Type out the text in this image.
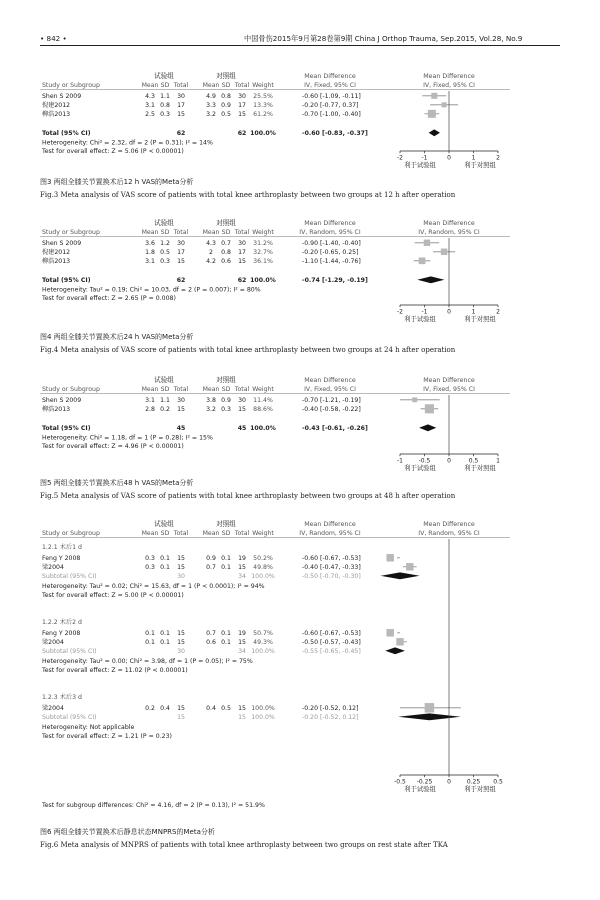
• 842 •	中国骨伤2015年9月第28卷第9期 China J Orthop Trauma, Sep.2015, Vol.28, No.9
试验组	对照组	Mean Difference	Mean Difference
Study or Subgroup	Mean SD Total Mean SD Total Weight	IV, Fixed, 95% CI	IV, Fixed, 95% CI
Shen S 2009	4.3 1.1 30	4.9 0.8 30 25.5%	-0.60 [-1.09, -0.11]
倪建2012	3.1 0.8 17	3.3 0.9 17 13.3%	-0.20 [-0.77, 0.37]
柳浩2013	2.5 0.3 15	3.2 0.5 15 61.2%	-0.70 [-1.00, -0.40]
Total (95% CI)	62	62 100.0%	-0.60 [-0.83, -0.37]
Heterogeneity: Chi² = 2.32, df = 2 (P = 0.31); I² = 14%
Test for overall effect: Z = 5.06 (P < 0.00001)
-2	-1	0	1	2
利于试验组	利于对照组
图3 两组全膝关节置换术后12 h VAS的Meta分析
Fig.3 Meta analysis of VAS score of patients with total knee arthroplasty between two groups at 12 h after operation
试验组	对照组	Mean Difference	Mean Difference
Study or Subgroup	Mean SD Total Mean SD Total Weight	IV, Random, 95% CI	IV, Random, 95% CI
Shen S 2009	3.6 1.2 30	4.3 0.7 30 31.2%	-0.90 [-1.40, -0.40]
倪建2012	1.8 0.5 17	2 0.8 17 32.7%	-0.20 [-0.65, 0.25]
柳浩2013	3.1 0.3 15	4.2 0.6 15 36.1%	-1.10 [-1.44, -0.76]
Total (95% CI)	62	62 100.0%	-0.74 [-1.29, -0.19]
Heterogeneity: Tau² = 0.19; Chi² = 10.03, df = 2 (P = 0.007); I² = 80%
Test for overall effect: Z = 2.65 (P = 0.008)
-2	-1	0	1	2
利于试验组	利于对照组
图4 两组全膝关节置换术后24 h VAS的Meta分析
Fig.4 Meta analysis of VAS score of patients with total knee arthroplasty between two groups at 24 h after operation
试验组	对照组	Mean Difference	Mean Difference
Study or Subgroup	Mean SD Total Mean SD Total Weight	IV, Fixed, 95% CI	IV, Fixed, 95% CI
Shen S 2009	3.1 1.1 30	3.8 0.9 30 11.4%	-0.70 [-1.21, -0.19]
柳浩2013	2.8 0.2 15	3.2 0.3 15 88.6%	-0.40 [-0.58, -0.22]
Total (95% CI)	45	45 100.0%	-0.43 [-0.61, -0.26]
Heterogeneity: Chi² = 1.18, df = 1 (P = 0.28); I² = 15%
Test for overall effect: Z = 4.96 (P < 0.00001)
-1	-0.5	0	0.5	1
利于试验组	利于对照组
图5 两组全膝关节置换术后48 h VAS的Meta分析
Fig.5 Meta analysis of VAS score of patients with total knee arthroplasty between two groups at 48 h after operation
试验组	对照组	Mean Difference	Mean Difference
Study or Subgroup	Mean SD Total Mean SD Total Weight	IV, Random, 95% CI	IV, Random, 95% CI
1.2.1 术后1 d
Feng Y 2008	0.3 0.1 15	0.9 0.1 19 50.2%	-0.60 [-0.67, -0.53]
梁2004	0.3 0.1 15	0.7 0.1 15 49.8%	-0.40 [-0.47, -0.33]
Subtotal (95% CI)	30	34 100.0%	-0.50 [-0.70, -0.30]
Heterogeneity: Tau² = 0.02; Chi² = 15.63, df = 1 (P < 0.0001); I² = 94%
Test for overall effect: Z = 5.00 (P < 0.00001)
1.2.2 术后2 d
Feng Y 2008	0.1 0.1 15	0.7 0.1 19 50.7%	-0.60 [-0.67, -0.53]
梁2004	0.1 0.1 15	0.6 0.1 15 49.3%	-0.50 [-0.57, -0.43]
Subtotal (95% CI)	30	34 100.0%	-0.55 [-0.65, -0.45]
Heterogeneity: Tau² = 0.00; Chi² = 3.98, df = 1 (P = 0.05); I² = 75%
Test for overall effect: Z = 11.02 (P < 0.00001)
1.2.3 术后3 d
梁2004	0.2 0.4 15	0.4 0.5 15 100.0%	-0.20 [-0.52, 0.12]
Subtotal (95% CI)	15	15 100.0%	-0.20 [-0.52, 0.12]
Heterogeneity: Not applicable
Test for overall effect: Z = 1.21 (P = 0.23)
-0.5 -0.25 0	0.25 0.5
利于试验组	利于对照组
Test for subgroup differences: Chi² = 4.16, df = 2 (P = 0.13), I² = 51.9%
图6 两组全膝关节置换术后静息状态MNPRS的Meta分析
Fig.6 Meta analysis of MNPRS of patients with total knee arthroplasty between two groups on rest state after TKA
